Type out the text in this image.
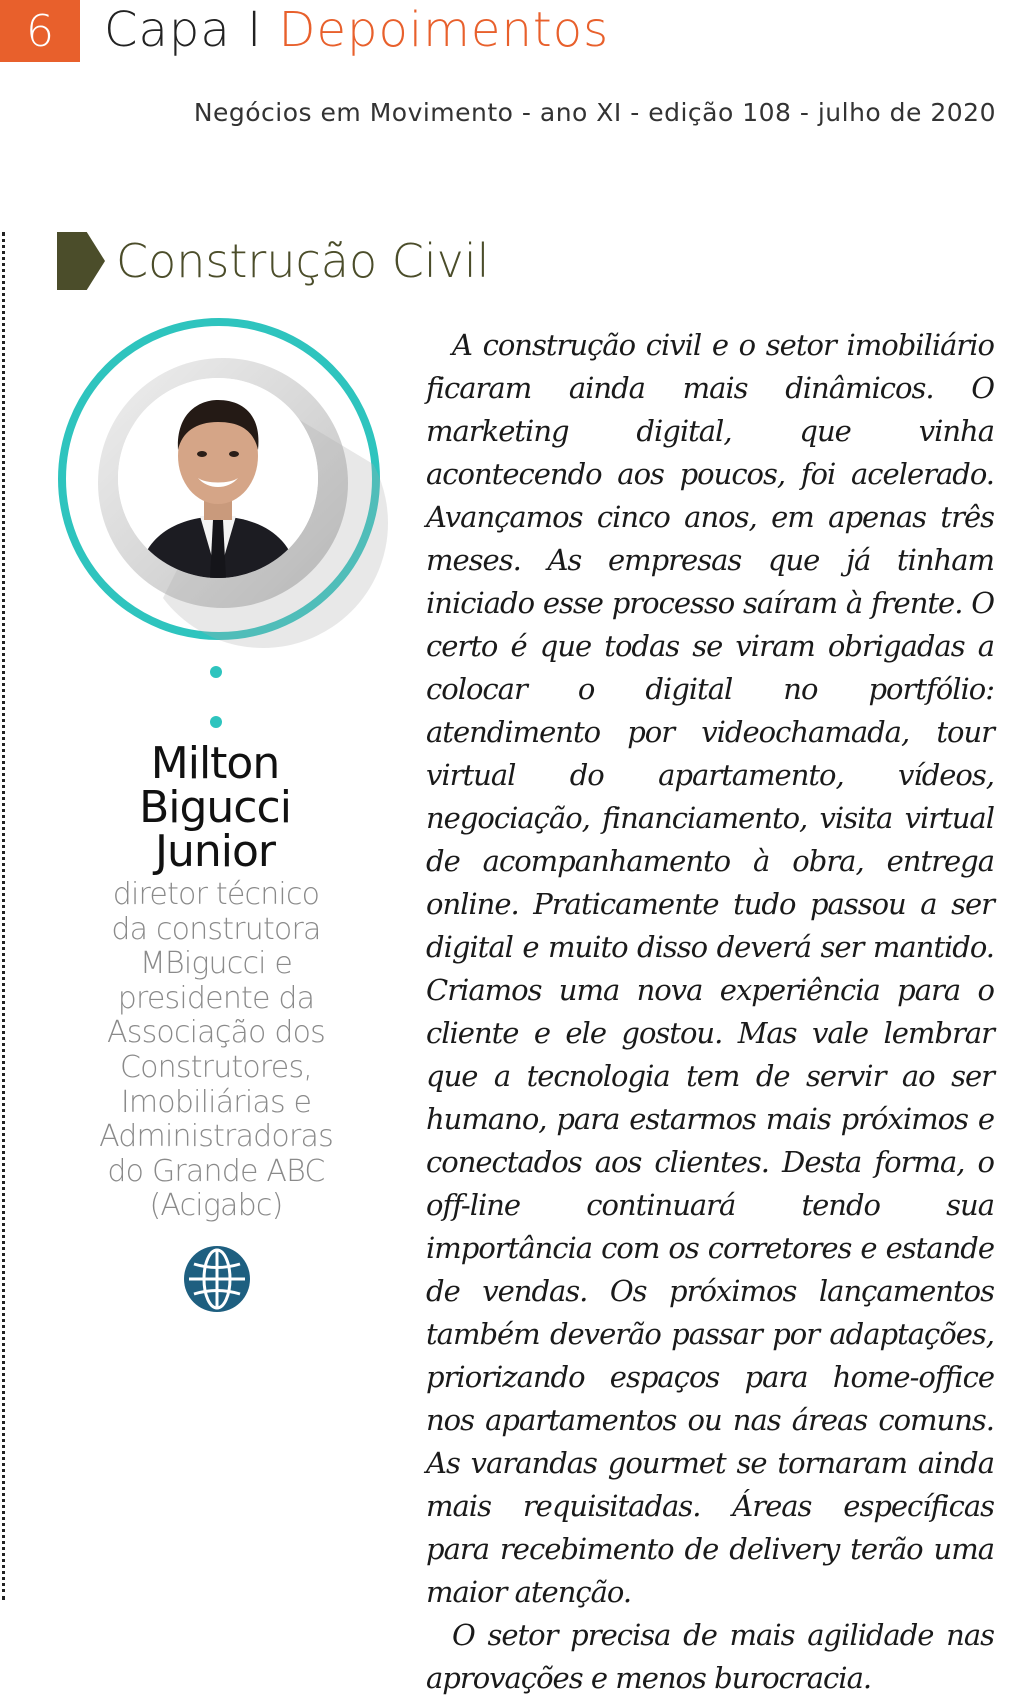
6	Capa I Depoimentos
Negócios em Movimento - ano XI - edição 108 - julho de 2020
Construção Civil
Milton
Bigucci
Junior
diretor técnico
da construtora
MBigucci e
presidente da
Associação dos
Construtores,
Imobiliárias e
Administradoras
do Grande ABC
(Acigabc)

A construção civil e o setor imobiliário ficaram ainda mais dinâmicos. O marketing digital, que vinha acontecendo aos poucos, foi acelerado. Avançamos cinco anos, em apenas três meses. As empresas que já tinham iniciado esse processo saíram à frente. O certo é que todas se viram obrigadas a colocar o digital no portfólio: atendimento por videochamada, tour virtual do apartamento, vídeos, negociação, financiamento, visita virtual de acompanhamento à obra, entrega online. Praticamente tudo passou a ser digital e muito disso deverá ser mantido. Criamos uma nova experiência para o cliente e ele gostou. Mas vale lembrar que a tecnologia tem de servir ao ser humano, para estarmos mais próximos e conectados aos clientes. Desta forma, o off-line continuará tendo sua importância com os corretores e estande de vendas. Os próximos lançamentos também deverão passar por adaptações, priorizando espaços para home-office nos apartamentos ou nas áreas comuns. As varandas gourmet se tornaram ainda mais requisitadas. Áreas específicas para recebimento de delivery terão uma maior atenção.

O setor precisa de mais agilidade nas aprovações e menos burocracia.
